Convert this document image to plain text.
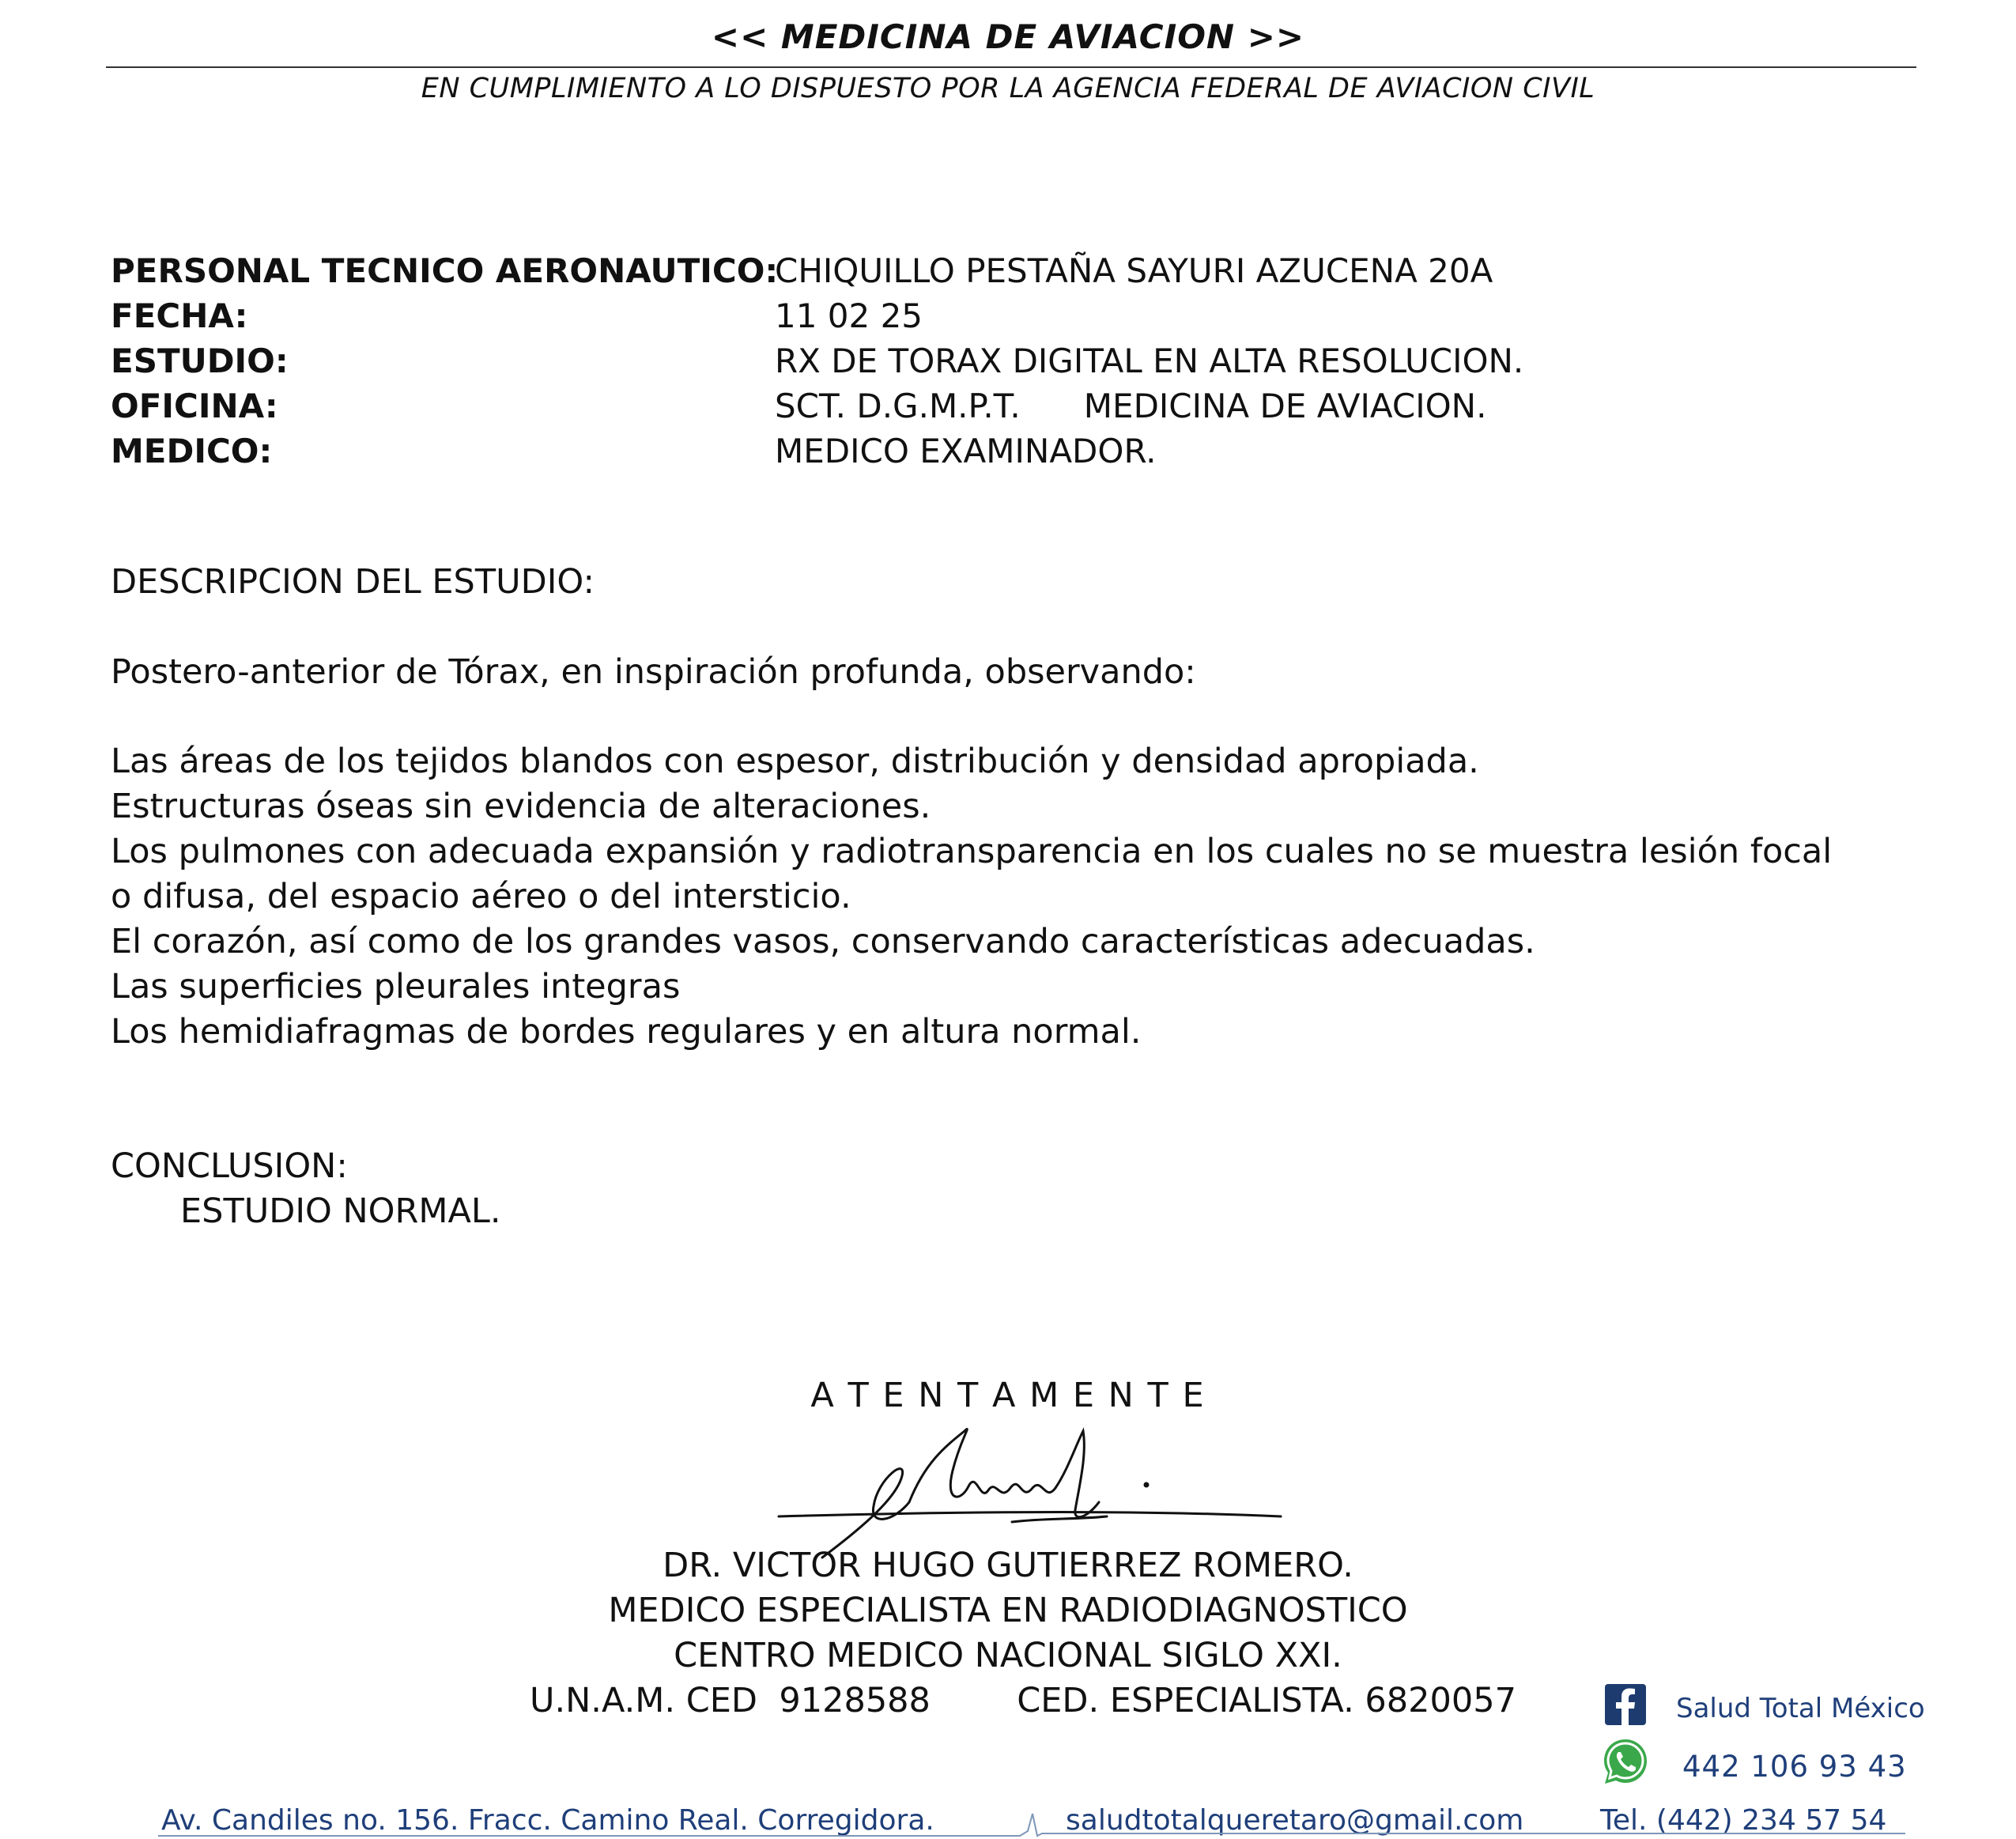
<< MEDICINA DE AVIACION >>
EN CUMPLIMIENTO A LO DISPUESTO POR LA AGENCIA FEDERAL DE AVIACION CIVIL
PERSONAL TECNICO AERONAUTICO:
CHIQUILLO PESTAÑA SAYURI AZUCENA 20A
FECHA:	11 02 25
ESTUDIO:	RX DE TORAX DIGITAL EN ALTA RESOLUCION.
OFICINA:	SCT. D.G.M.P.T.      MEDICINA DE AVIACION.
MEDICO:	MEDICO EXAMINADOR.
DESCRIPCION DEL ESTUDIO:
Postero-anterior de Tórax, en inspiración profunda, observando:
Las áreas de los tejidos blandos con espesor, distribución y densidad apropiada.
Estructuras óseas sin evidencia de alteraciones.
Los pulmones con adecuada expansión y radiotransparencia en los cuales no se muestra lesión focal
o difusa, del espacio aéreo o del intersticio.
El corazón, así como de los grandes vasos, conservando características adecuadas.
Las superficies pleurales integras
Los hemidiafragmas de bordes regulares y en altura normal.
CONCLUSION:
ESTUDIO NORMAL.
A T E N T A M E N T E
DR. VICTOR HUGO GUTIERREZ ROMERO.
MEDICO ESPECIALISTA EN RADIODIAGNOSTICO
CENTRO MEDICO NACIONAL SIGLO XXI.
U.N.A.M. CED  9128588        CED. ESPECIALISTA. 6820057	Salud Total México
442 106 93 43
Av. Candiles no. 156. Fracc. Camino Real. Corregidora.	saludtotalqueretaro@gmail.com	Tel. (442) 234 57 54
